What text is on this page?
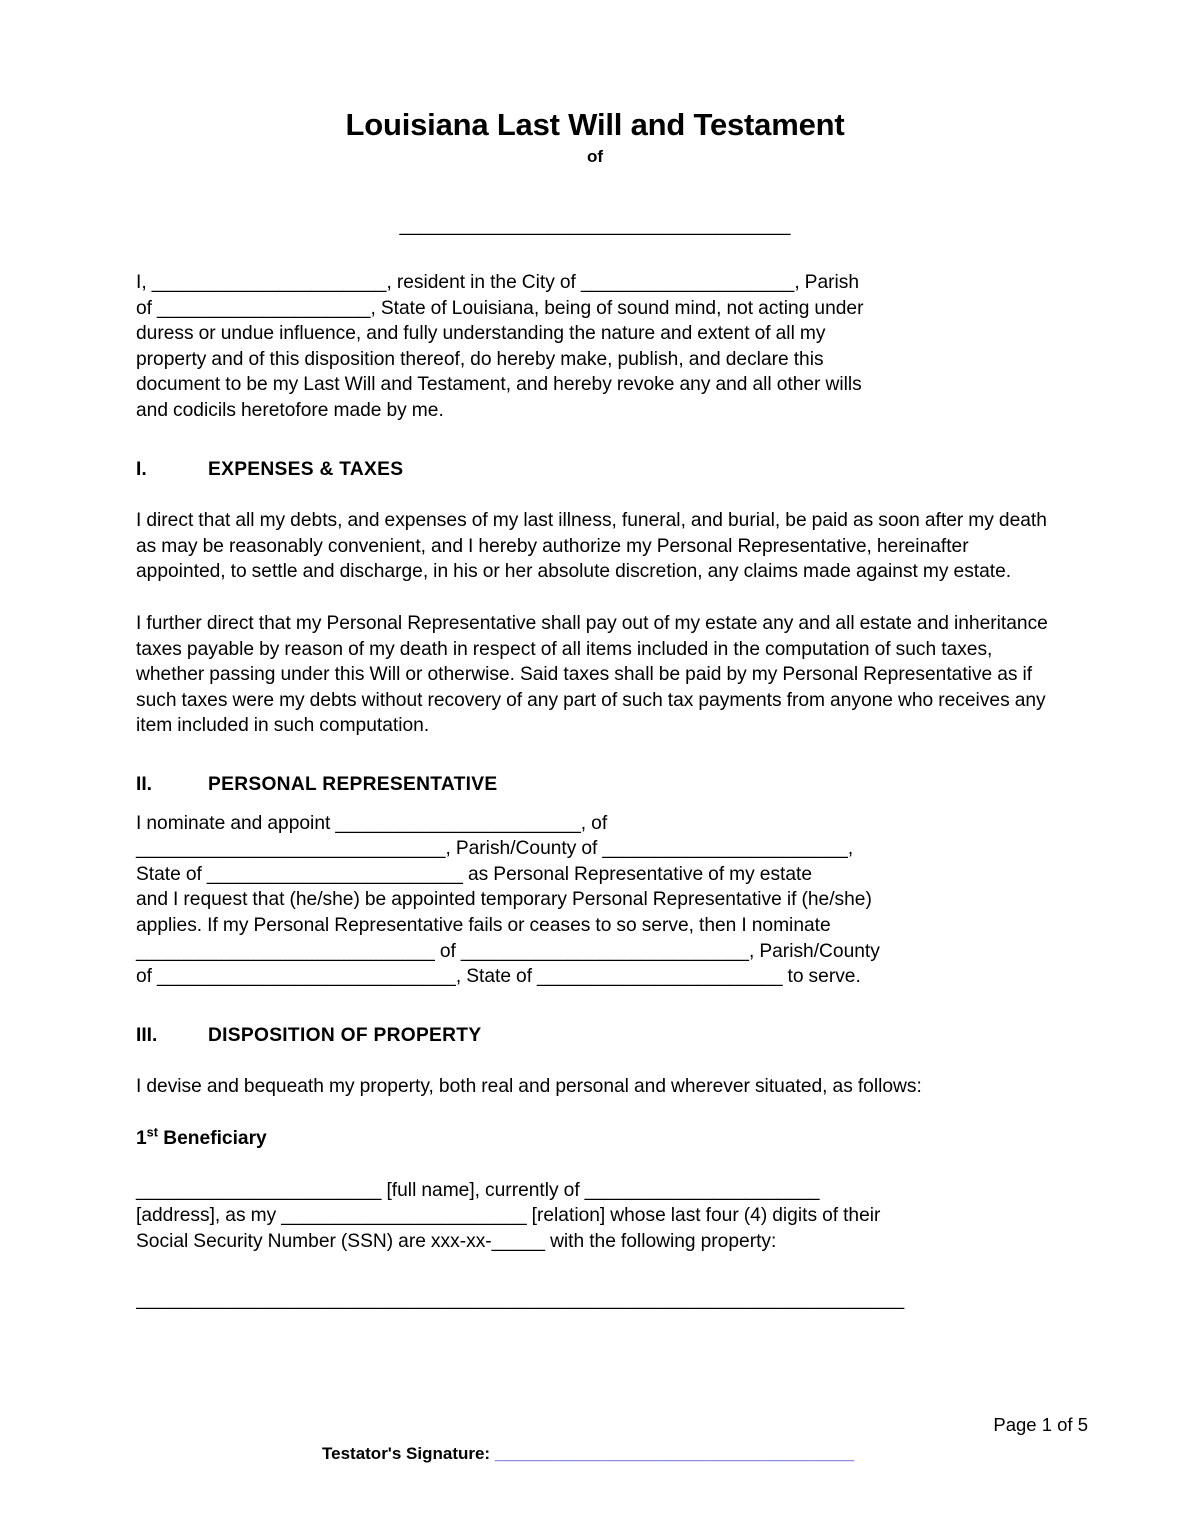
Louisiana Last Will and Testament
of
_____________________________________
I, ______________________, resident in the City of ____________________, Parish
of ____________________, State of Louisiana, being of sound mind, not acting under
duress or undue influence, and fully understanding the nature and extent of all my
property and of this disposition thereof, do hereby make, publish, and declare this
document to be my Last Will and Testament, and hereby revoke any and all other wills
and codicils heretofore made by me.
I.	EXPENSES & TAXES
I direct that all my debts, and expenses of my last illness, funeral, and burial, be paid as soon after my death as may be reasonably convenient, and I hereby authorize my Personal Representative, hereinafter appointed, to settle and discharge, in his or her absolute discretion, any claims made against my estate.
I further direct that my Personal Representative shall pay out of my estate any and all estate and inheritance taxes payable by reason of my death in respect of all items included in the computation of such taxes, whether passing under this Will or otherwise. Said taxes shall be paid by my Personal Representative as if such taxes were my debts without recovery of any part of such tax payments from anyone who receives any item included in such computation.
II.	PERSONAL REPRESENTATIVE
I nominate and appoint _______________________, of
_____________________________, Parish/County of _______________________,
State of ________________________ as Personal Representative of my estate
and I request that (he/she) be appointed temporary Personal Representative if (he/she)
applies. If my Personal Representative fails or ceases to so serve, then I nominate
____________________________ of ___________________________, Parish/County
of ____________________________, State of _______________________ to serve.
III.	DISPOSITION OF PROPERTY
I devise and bequeath my property, both real and personal and wherever situated, as follows:
1st Beneficiary
_______________________ [full name], currently of ______________________
[address], as my _______________________ [relation] whose last four (4) digits of their
Social Security Number (SSN) are xxx-xx-_____ with the following property:
_______________________________________________________________________
Page 1 of 5
Testator's Signature: ______________________________________
